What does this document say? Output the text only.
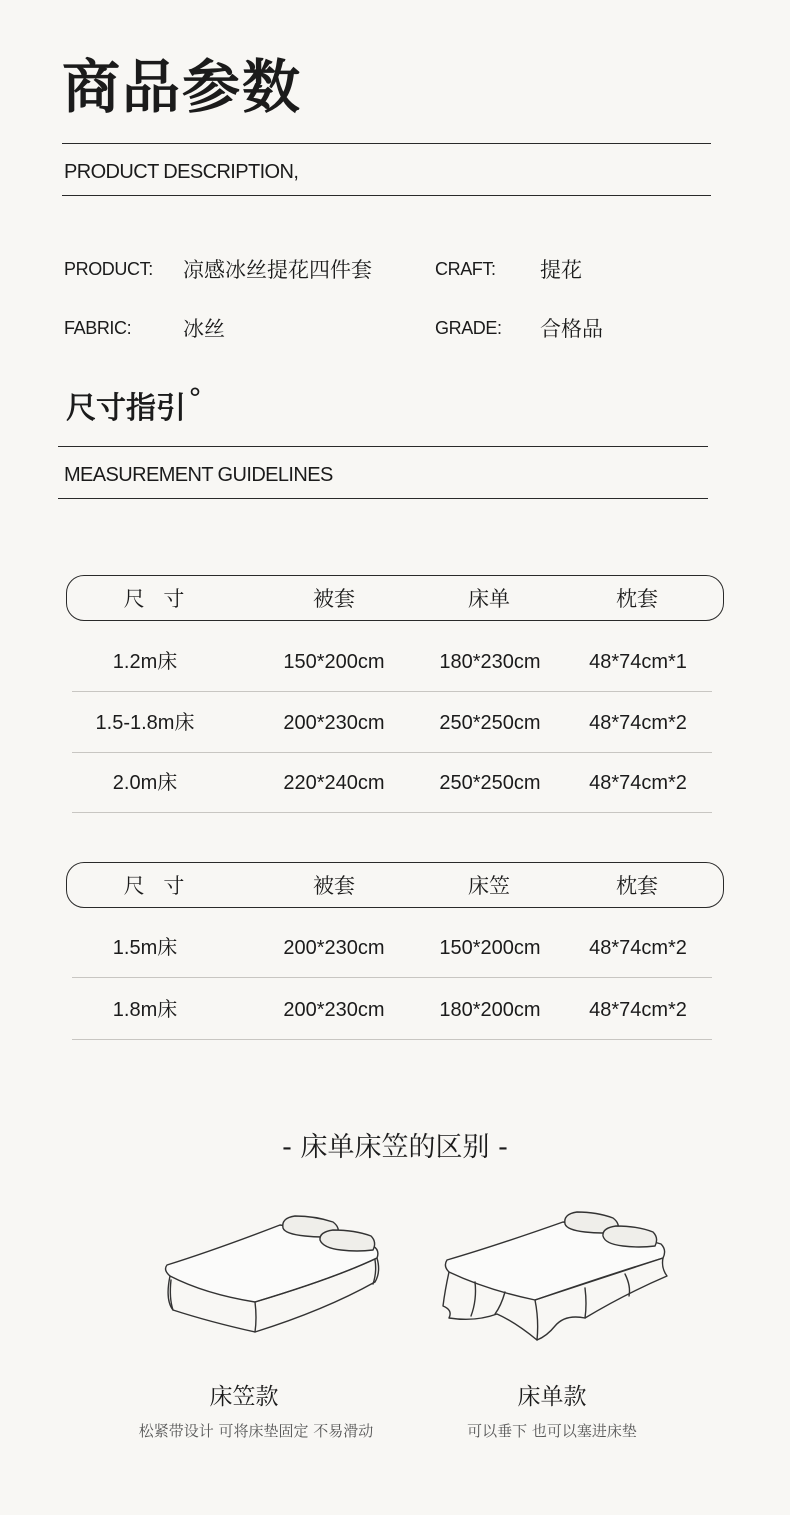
商品参数
PRODUCT DESCRIPTION,
PRODUCT: 凉感冰丝提花四件套	CRAFT: 提花
FABRIC: 冰丝	GRADE: 合格品
尺寸指引°
MEASUREMENT GUIDELINES
尺 寸	被套	床单	枕套
1.2m床	150*200cm	180*230cm	48*74cm*1
1.5-1.8m床	200*230cm	250*250cm	48*74cm*2
2.0m床	220*240cm	250*250cm	48*74cm*2
尺 寸	被套	床笠	枕套
1.5m床	200*230cm	150*200cm	48*74cm*2
1.8m床	200*230cm	180*200cm	48*74cm*2
- 床单床笠的区别 -
床笠款
松紧带设计 可将床垫固定 不易滑动
床单款
可以垂下 也可以塞进床垫
